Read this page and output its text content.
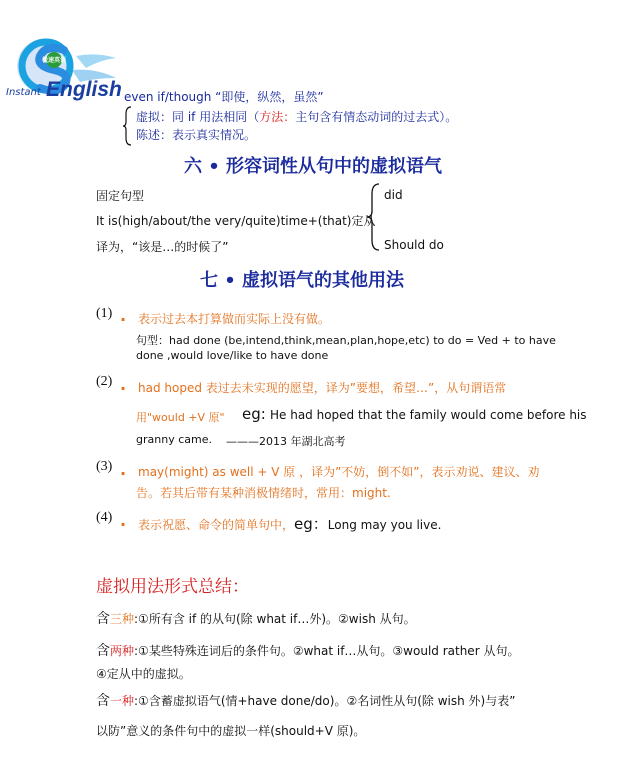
极速英语
Instant English even if/though “即使，纵然，虽然”
虚拟：同 if 用法相同（方法：主句含有情态动词的过去式）。
陈述：表示真实情况。
六 • 形容词性从句中的虚拟语气
固定句型
It is(high/about/the very/quite)time+(that)定从
译为，“该是…的时候了”
did
Should do
七 • 虚拟语气的其他用法
(1) . 表示过去本打算做而实际上没有做。
句型：had done (be,intend,think,mean,plan,hope,etc) to do = Ved + to have
done ,would love/like to have done
(2) . had hoped 表过去未实现的愿望，译为”要想，希望…”，从句谓语常
用"would +V 原" eg: He had hoped that the family would come before his
granny came. ———2013 年湖北高考
(3) . may(might) as well + V 原 ，译为”不妨，倒不如”，表示劝说、建议、劝
告。若其后带有某种消极情绪时，常用：might.
(4) . 表示祝愿、命令的简单句中，eg：Long may you live.
虚拟用法形式总结：
含三种:①所有含 if 的从句(除 what if…外)。②wish 从句。
含两种:①某些特殊连词后的条件句。②what if…从句。③would rather 从句。
④定从中的虚拟。
含一种:①含蓄虚拟语气(情+have done/do)。②名词性从句(除 wish 外)与表”
以防”意义的条件句中的虚拟一样(should+V 原)。
